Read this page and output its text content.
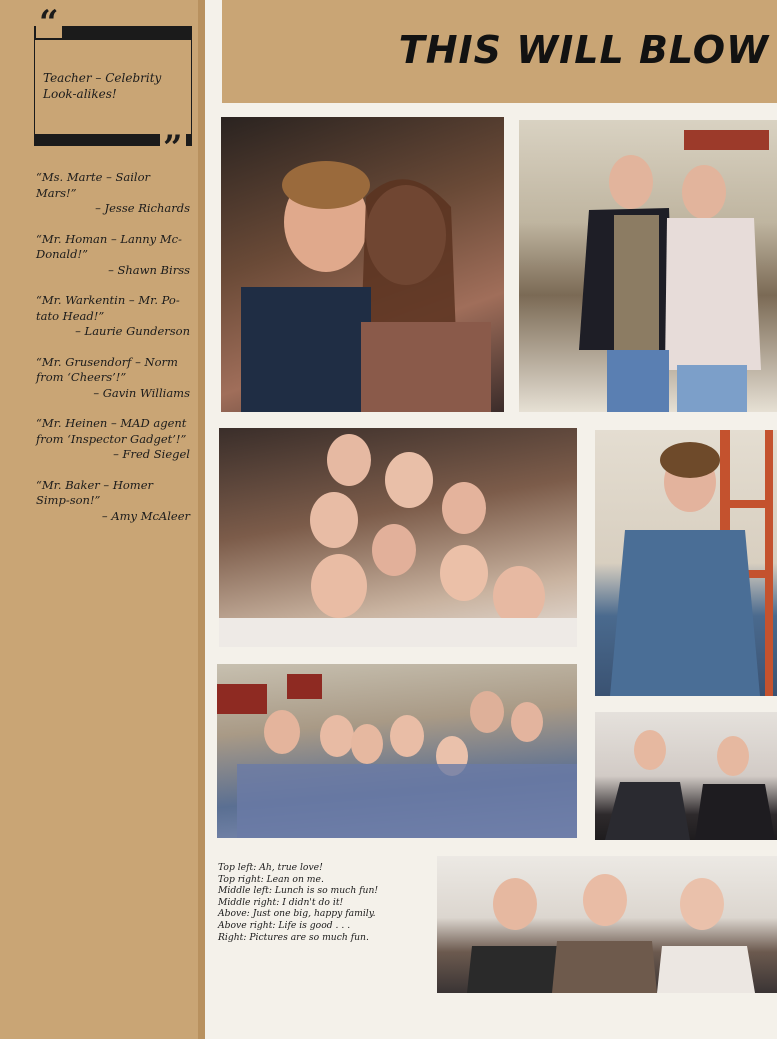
“
”
Teacher – Celebrity Look-alikes!
“Ms. Marte – Sailor Mars!”
– Jesse Richards
“Mr. Homan – Lanny Mc-Donald!”
– Shawn Birss
“Mr. Warkentin – Mr. Po-tato Head!”
– Laurie Gunderson
“Mr. Grusendorf – Norm from ‘Cheers’!”
– Gavin Williams
“Mr. Heinen – MAD agent from ‘Inspector Gadget’!”
– Fred Siegel
“Mr. Baker – Homer Simp-son!”
– Amy McAleer
THIS WILL BLOW
Top left: Ah, true love!
Top right: Lean on me.
Middle left: Lunch is so much fun!
Middle right: I didn't do it!
Above: Just one big, happy family.
Above right: Life is good . . .
Right: Pictures are so much fun.
